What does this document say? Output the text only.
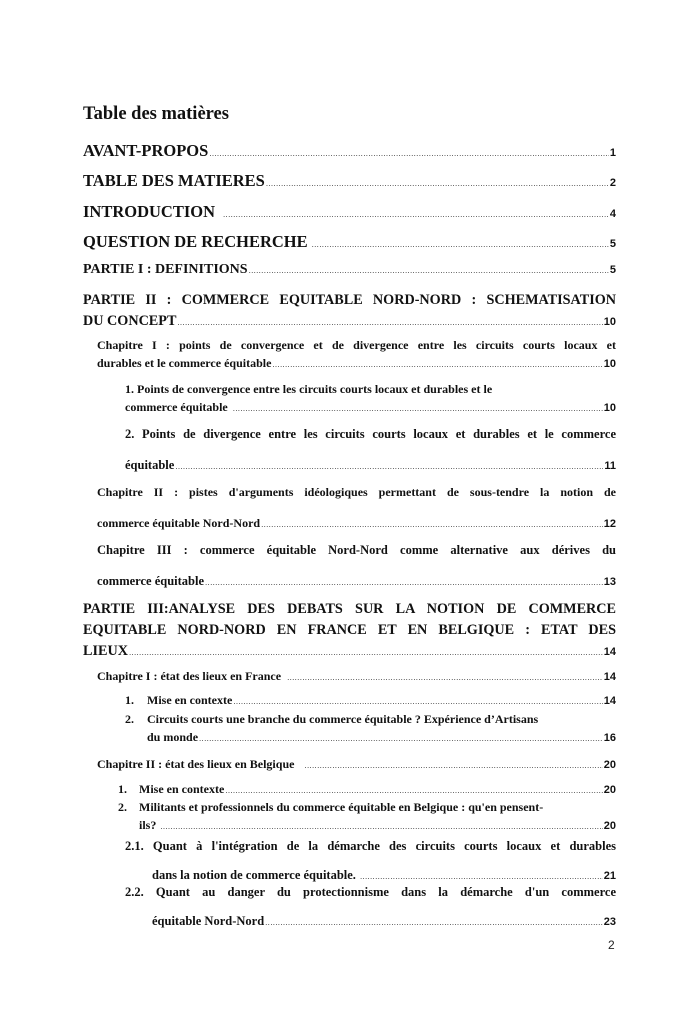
Table des matières
AVANT-PROPOS .....	1
TABLE DES MATIERES .....	2
INTRODUCTION .....	4
QUESTION DE RECHERCHE .....	5
PARTIE I : DEFINITIONS .....	5
PARTIE II : COMMERCE EQUITABLE NORD-NORD : SCHEMATISATION
DU CONCEPT .....	10
Chapitre I : points de convergence et de divergence entre les circuits courts locaux et
durables et le commerce équitable .....	10
1. Points de convergence entre les circuits courts locaux et durables et le
commerce équitable .....	10
2. Points de divergence entre les circuits courts locaux et durables et le commerce
équitable .....	11
Chapitre II : pistes d'arguments idéologiques permettant de sous-tendre la notion de
commerce équitable Nord-Nord .....	12
Chapitre III : commerce équitable Nord-Nord comme alternative aux dérives du
commerce équitable .....	13
PARTIE III:ANALYSE DES DEBATS SUR LA NOTION DE COMMERCE
EQUITABLE NORD-NORD EN FRANCE ET EN BELGIQUE : ETAT DES
LIEUX .....	14
Chapitre I : état des lieux en France .....	14
1. Mise en contexte .....	14
2. Circuits courts une branche du commerce équitable ? Expérience d’Artisans
du monde .....	16
Chapitre II : état des lieux en Belgique .....	20
1. Mise en contexte .....	20
2. Militants et professionnels du commerce équitable en Belgique : qu'en pensent-
ils? .....	20
2.1. Quant à l'intégration de la démarche des circuits courts locaux et durables
dans la notion de commerce équitable. .....	21
2.2. Quant au danger du protectionnisme dans la démarche d'un commerce
équitable Nord-Nord .....	23
2
